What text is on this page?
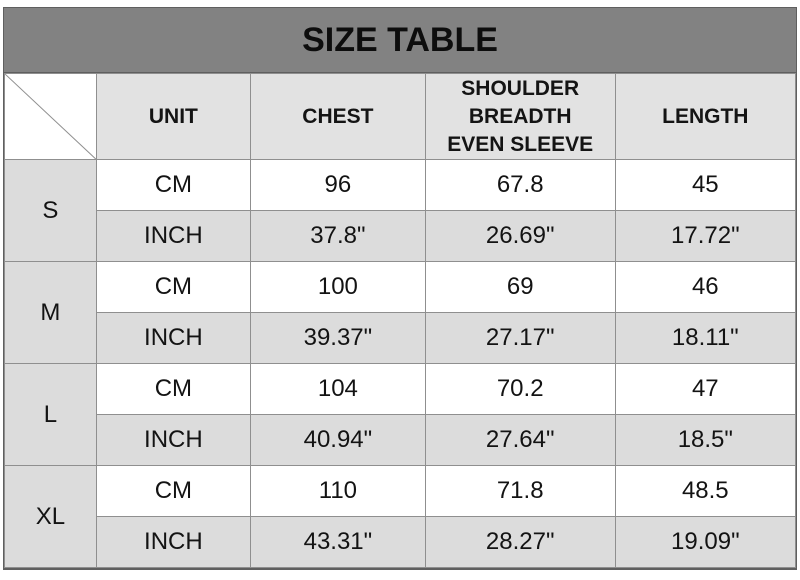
SIZE TABLE
	UNIT	CHEST	SHOULDER BREADTH EVEN SLEEVE	LENGTH
S	CM	96	67.8	45
	INCH	37.8"	26.69"	17.72"
M	CM	100	69	46
	INCH	39.37"	27.17"	18.11"
L	CM	104	70.2	47
	INCH	40.94"	27.64"	18.5"
XL	CM	110	71.8	48.5
	INCH	43.31"	28.27"	19.09"
